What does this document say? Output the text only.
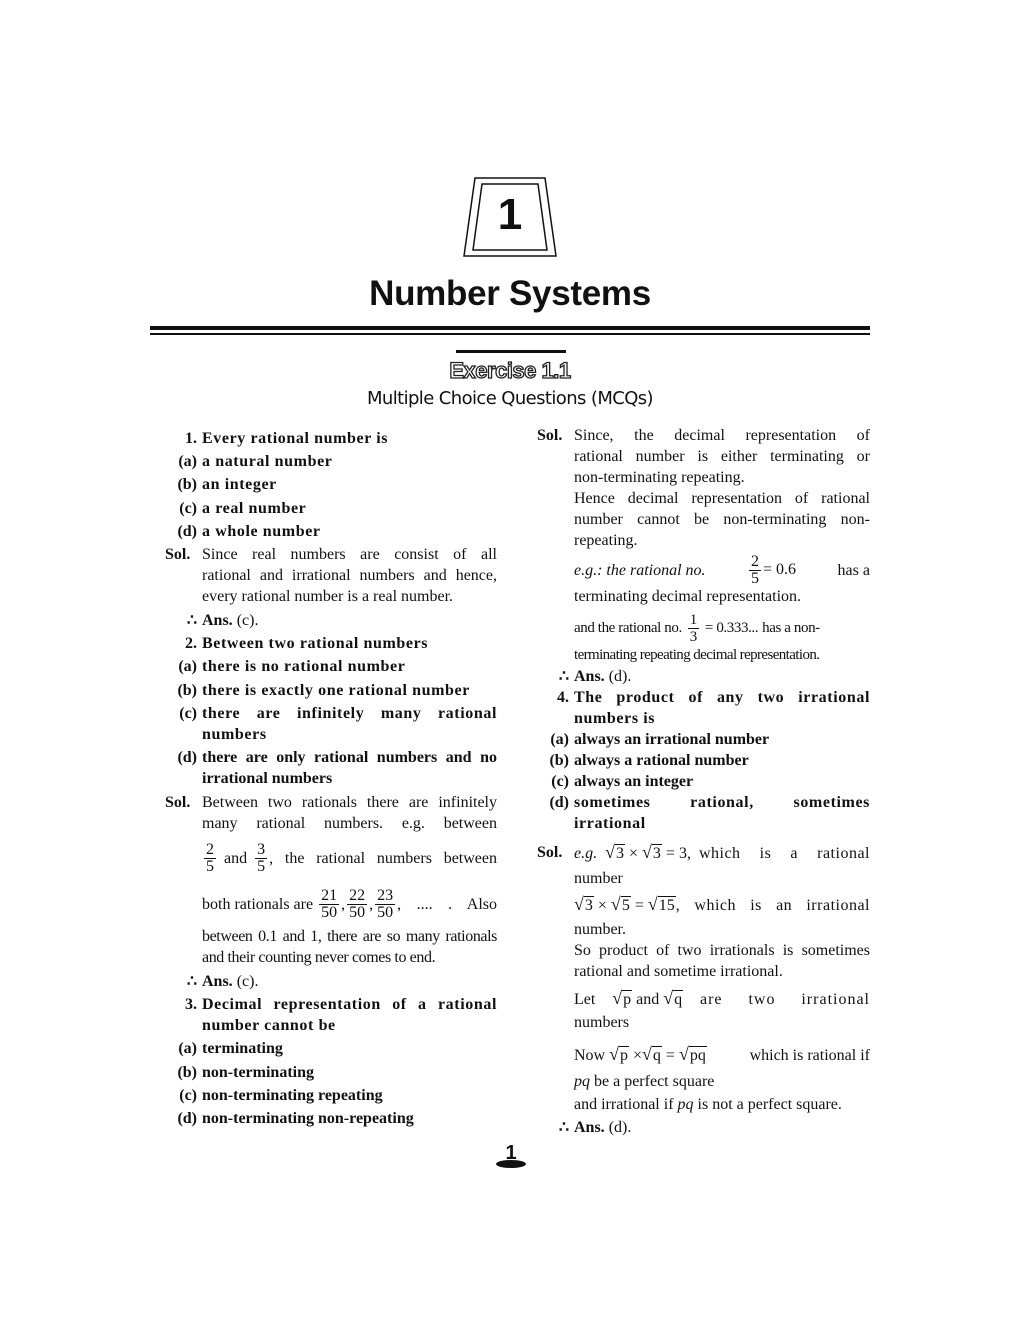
1
Number Systems
Exercise 1.1
Multiple Choice Questions (MCQs)
1. Every rational number is
(a) a natural number
(b) an integer
(c) a real number
(d) a whole number
Sol. Since real numbers are consist of all
rational and irrational numbers and hence,
every rational number is a real number.
∴ Ans. (c).
2. Between two rational numbers
(a) there is no rational number
(b) there is exactly one rational number
(c) there are infinitely many rational
numbers
(d) there are only rational numbers and no
irrational numbers
Sol. Between two rationals there are infinitely
many rational numbers. e.g. between
$\frac{2}{5}$ and $\frac{3}{5}$ , the rational numbers between
both rationals are $\frac{21}{50}$ , $\frac{22}{50}$ , $\frac{23}{50}$ , .... . Also
between 0.1 and 1, there are so many rationals
and their counting never comes to end.
∴ Ans. (c).
3. Decimal representation of a rational
number cannot be
(a) terminating
(b) non-terminating
(c) non-terminating repeating
(d) non-terminating non-repeating
Sol. Since, the decimal representation of
rational number is either terminating or
non-terminating repeating.
Hence decimal representation of rational
number cannot be non-terminating non-
repeating.
e.g.: the rational no.	$\frac{2}{5} = 0.6$	has a
terminating decimal representation.
and the rational no. $\frac{1}{3} = 0.333$... has a non-
terminating repeating decimal representation.
∴ Ans. (d).
4. The product of any two irrational
numbers is
(a) always an irrational number
(b) always a rational number
(c) always an integer
(d) sometimes rational, sometimes
irrational
Sol. e.g. √ 3 × √ 3 = 3, which is a rational
number
√ 3 × √ 5 = √ 15 , which is an irrational
number.
So product of two irrationals is sometimes
rational and sometime irrational.
Let	√ p and √ q are two irrational
numbers
Now √ p × √ q = √ pq	which is rational if
pq be a perfect square
and irrational if pq is not a perfect square.
∴ Ans. (d).
1
